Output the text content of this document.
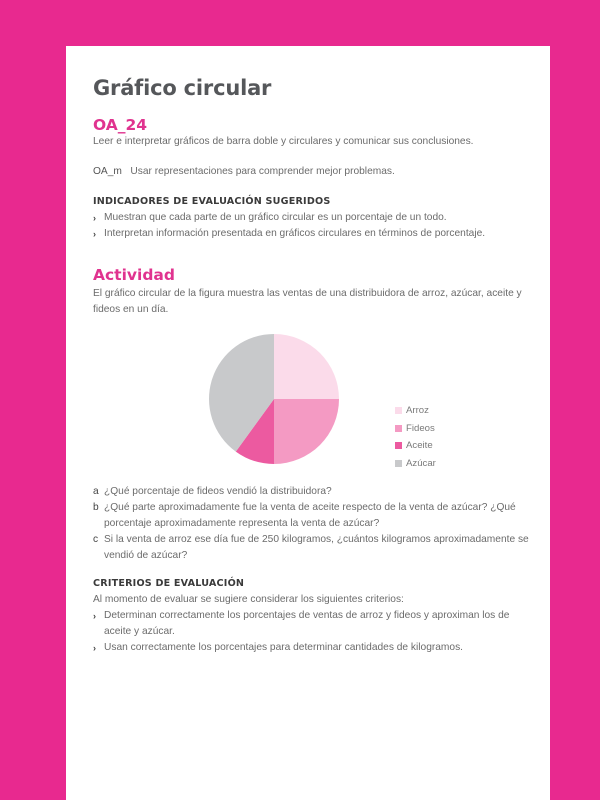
Gráfico circular
OA_24
Leer e interpretar gráficos de barra doble y circulares y comunicar sus conclusiones.
OA_m Usar representaciones para comprender mejor problemas.
INDICADORES DE EVALUACIÓN SUGERIDOS
› Muestran que cada parte de un gráfico circular es un porcentaje de un todo.
› Interpretan información presentada en gráficos circulares en términos de porcentaje.
Actividad
El gráfico circular de la figura muestra las ventas de una distribuidora de arroz, azúcar, aceite y fideos en un día.
Arroz
Fideos
Aceite
Azúcar
a ¿Qué porcentaje de fideos vendió la distribuidora?
b ¿Qué parte aproximadamente fue la venta de aceite respecto de la venta de azúcar? ¿Qué porcentaje aproximadamente representa la venta de azúcar?
c Si la venta de arroz ese día fue de 250 kilogramos, ¿cuántos kilogramos aproximadamente se vendió de azúcar?
CRITERIOS DE EVALUACIÓN
Al momento de evaluar se sugiere considerar los siguientes criterios:
› Determinan correctamente los porcentajes de ventas de arroz y fideos y aproximan los de aceite y azúcar.
› Usan correctamente los porcentajes para determinar cantidades de kilogramos.
